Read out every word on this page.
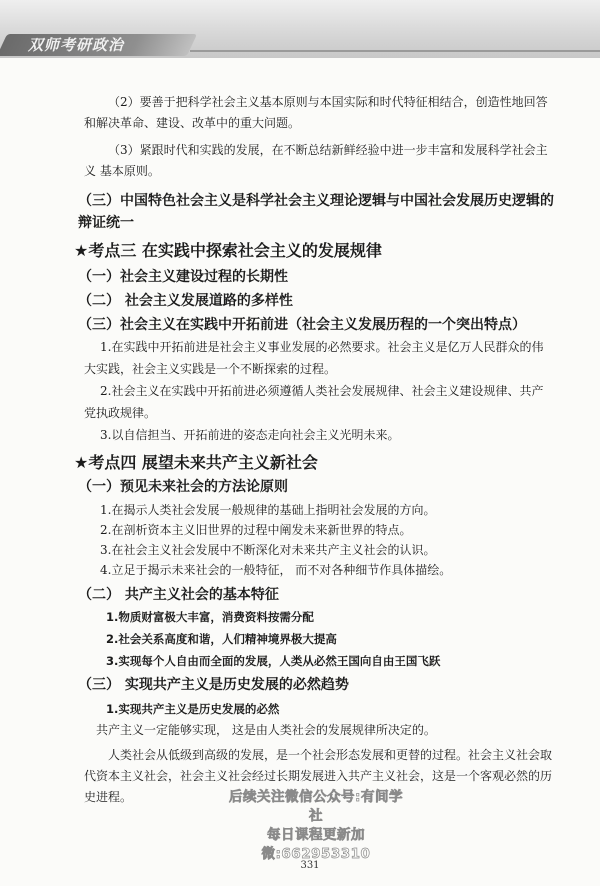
双师考研政治

（2）要善于把科学社会主义基本原则与本国实际和时代特征相结合，创造性地回答和解决革命、建设、改革中的重大问题。

（3）紧跟时代和实践的发展，在不断总结新鲜经验中进一步丰富和发展科学社会主义 基本原则。

（三）中国特色社会主义是科学社会主义理论逻辑与中国社会发展历史逻辑的辩证统一

★考点三 在实践中探索社会主义的发展规律

（一）社会主义建设过程的长期性

（二） 社会主义发展道路的多样性

（三）社会主义在实践中开拓前进（社会主义发展历程的一个突出特点）

1.在实践中开拓前进是社会主义事业发展的必然要求。社会主义是亿万人民群众的伟大实践，社会主义实践是一个不断探索的过程。

2.社会主义在实践中开拓前进必须遵循人类社会发展规律、社会主义建设规律、共产党执政规律。

3.以自信担当、开拓前进的姿态走向社会主义光明未来。

★考点四 展望未来共产主义新社会

（一）预见未来社会的方法论原则

1.在揭示人类社会发展一般规律的基础上指明社会发展的方向。

2.在剖析资本主义旧世界的过程中阐发未来新世界的特点。

3.在社会主义社会发展中不断深化对未来共产主义社会的认识。

4.立足于揭示未来社会的一般特征， 而不对各种细节作具体描绘。

（二） 共产主义社会的基本特征

1.物质财富极大丰富，消费资料按需分配

2.社会关系高度和谐，人们精神境界极大提高

3.实现每个人自由而全面的发展，人类从必然王国向自由王国飞跃

（三） 实现共产主义是历史发展的必然趋势

1.实现共产主义是历史发展的必然

共产主义一定能够实现， 这是由人类社会的发展规律所决定的。

人类社会从低级到高级的发展，是一个社会形态发展和更替的过程。社会主义社会取代资本主义社会，社会主义社会经过长期发展进入共产主义社会，这是一个客观必然的历史进程。	后续关注微信公众号:有间学社
每日课程更新加微:662953310
331
